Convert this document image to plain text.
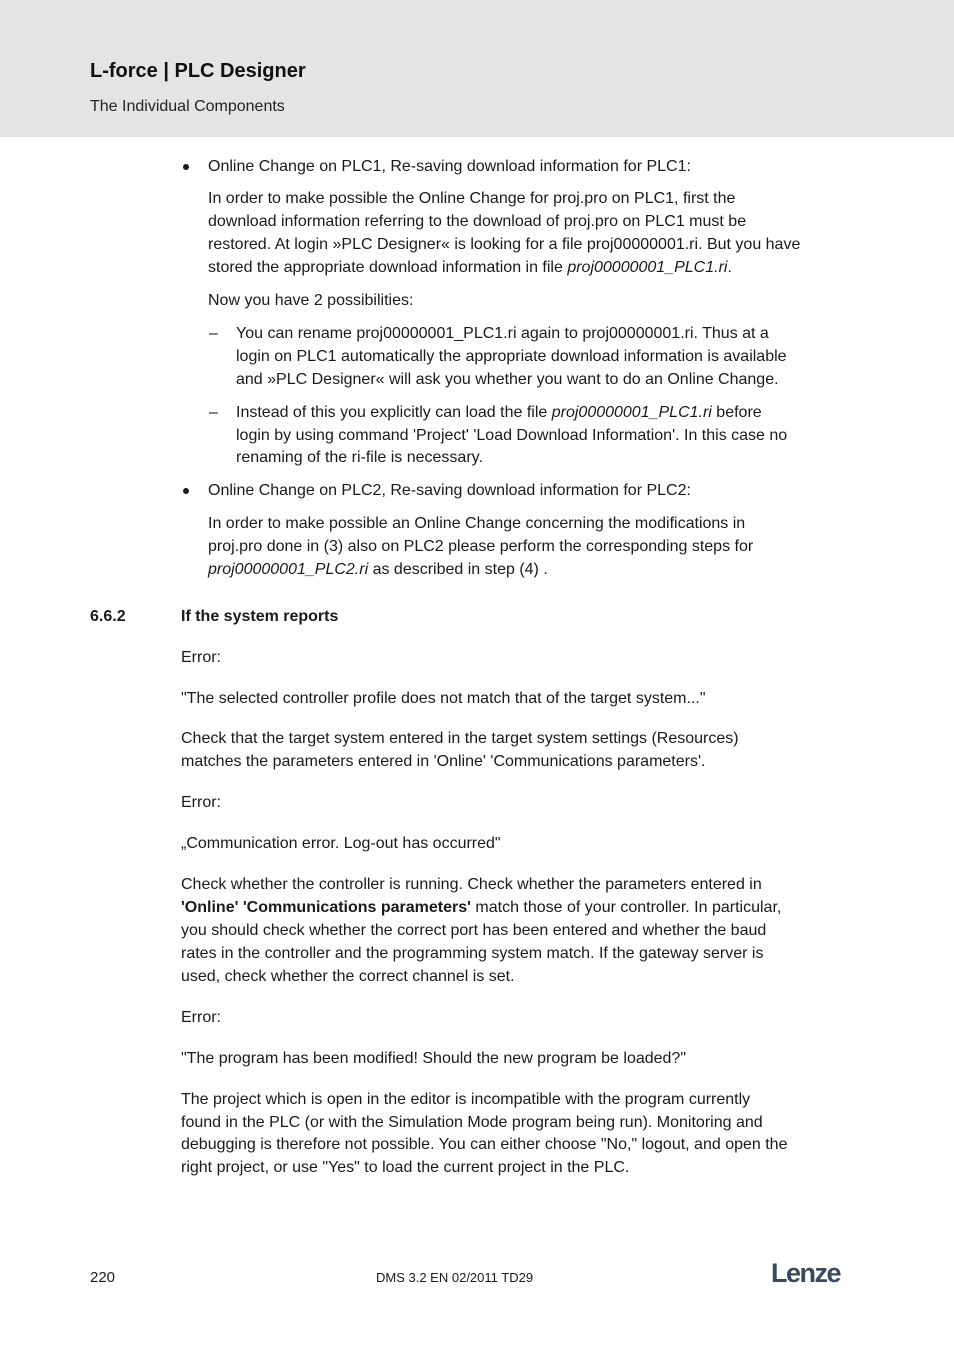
L-force | PLC Designer
The Individual Components

Online Change on PLC1, Re-saving download information for PLC1:

In order to make possible the Online Change for proj.pro on PLC1, first the

download information referring to the download of proj.pro on PLC1 must be

restored. At login »PLC Designer« is looking for a file proj00000001.ri. But you have

stored the appropriate download information in file proj00000001_PLC1.ri.

Now you have 2 possibilities:

– You can rename proj00000001_PLC1.ri again to proj00000001.ri. Thus at a

login on PLC1 automatically the appropriate download information is available

and »PLC Designer« will ask you whether you want to do an Online Change.

– Instead of this you explicitly can load the file proj00000001_PLC1.ri before

login by using command 'Project' 'Load Download Information'. In this case no

renaming of the ri-file is necessary.

Online Change on PLC2, Re-saving download information for PLC2:

In order to make possible an Online Change concerning the modifications in

proj.pro done in (3) also on PLC2 please perform the corresponding steps for

proj00000001_PLC2.ri as described in step (4) .

6.6.2	If the system reports

Error:

"The selected controller profile does not match that of the target system..."

Check that the target system entered in the target system settings (Resources)

matches the parameters entered in 'Online' 'Communications parameters'.

Error:

„Communication error. Log-out has occurred"

Check whether the controller is running. Check whether the parameters entered in

'Online' 'Communications parameters' match those of your controller. In particular,

you should check whether the correct port has been entered and whether the baud

rates in the controller and the programming system match. If the gateway server is

used, check whether the correct channel is set.

Error:

"The program has been modified! Should the new program be loaded?"

The project which is open in the editor is incompatible with the program currently

found in the PLC (or with the Simulation Mode program being run). Monitoring and

debugging is therefore not possible. You can either choose "No," logout, and open the

right project, or use "Yes" to load the current project in the PLC.

220	DMS 3.2 EN 02/2011 TD29	Lenze
